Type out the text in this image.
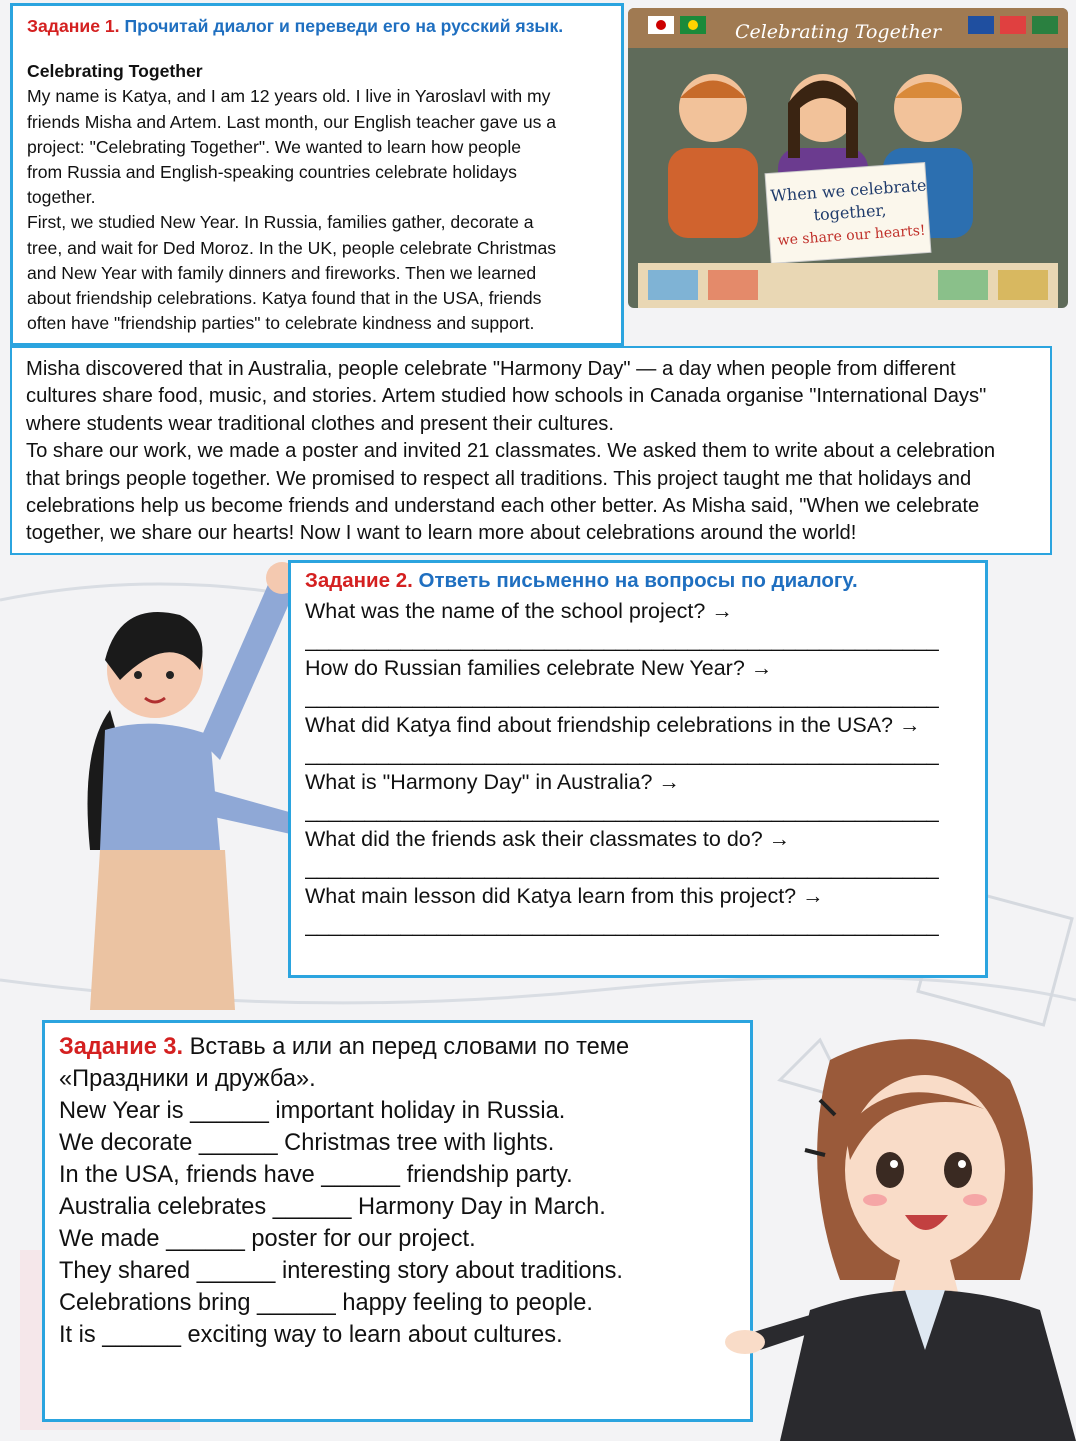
Задание 1. Прочитай диалог и переведи его на русский язык.

Celebrating Together

My name is Katya, and I am 12 years old. I live in Yaroslavl with my

friends Misha and Artem. Last month, our English teacher gave us a

project: "Celebrating Together". We wanted to learn how people

from Russia and English-speaking countries celebrate holidays

together.

First, we studied New Year. In Russia, families gather, decorate a

tree, and wait for Ded Moroz. In the UK, people celebrate Christmas

and New Year with family dinners and fireworks. Then we learned

about friendship celebrations. Katya found that in the USA, friends

often have "friendship parties" to celebrate kindness and support.

Celebrating Together
When we celebrate
together,
we share our hearts!

Misha discovered that in Australia, people celebrate "Harmony Day" — a day when people from different

cultures share food, music, and stories. Artem studied how schools in Canada organise "International Days"

where students wear traditional clothes and present their cultures.

To share our work, we made a poster and invited 21 classmates. We asked them to write about a celebration

that brings people together. We promised to respect all traditions. This project taught me that holidays and

celebrations help us become friends and understand each other better. As Misha said, "When we celebrate

together, we share our hearts! Now I want to learn more about celebrations around the world!

Задание 2. Ответь письменно на вопросы по диалогу.
What was the name of the school project? →
_____________________________________________________
How do Russian families celebrate New Year? →
_____________________________________________________
What did Katya find about friendship celebrations in the USA? →
_____________________________________________________
What is "Harmony Day" in Australia? →
_____________________________________________________
What did the friends ask their classmates to do? →
_____________________________________________________
What main lesson did Katya learn from this project? →
_____________________________________________________
Задание 3. Вставь a или an перед словами по теме

«Праздники и дружба».

New Year is ______ important holiday in Russia.

We decorate ______ Christmas tree with lights.

In the USA, friends have ______ friendship party.

Australia celebrates ______ Harmony Day in March.

We made ______ poster for our project.

They shared ______ interesting story about traditions.

Celebrations bring ______ happy feeling to people.

It is ______ exciting way to learn about cultures.
